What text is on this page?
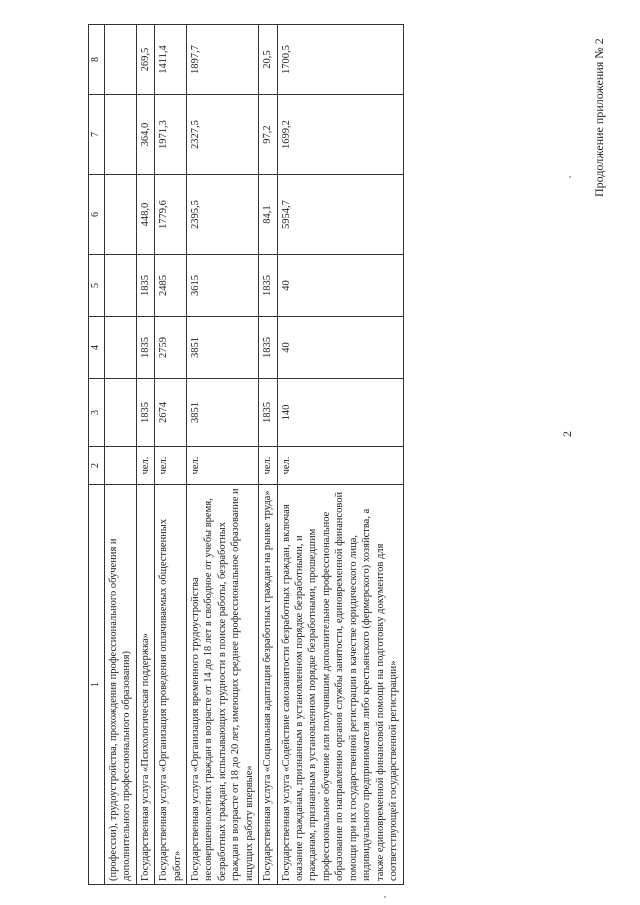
2
Продолжение приложения № 2
1	2	3	4	5	6	7	8
(профессии), трудоустройства, прохождения профессионального обучения и дополнительного профессионального образования)							
Государственная услуга «Психологическая поддержка»	чел.	1835	1835	1835	448,0	364,0	269,5
Государственная услуга «Организация проведения оплачиваемых общественных работ»	чел.	2674	2759	2485	1779,6	1971,3	1411,4
Государственная услуга «Организация временного трудоустройства несовершеннолетних граждан в возрасте от 14 до 18 лет в свободное от учебы время, безработных граждан, испытывающих трудности в поиске работы, безработных граждан в возрасте от 18 до 20 лет, имеющих среднее профессиональное образование и ищущих работу впервые»	чел.	3851	3851	3615	2395,5	2327,5	1897,7
Государственная услуга «Социальная адаптация безработных граждан на рынке труда»	чел.	1835	1835	1835	84,1	97,2	20,5
Государственная услуга «Содействие самозанятости безработных граждан, включая оказание гражданам, признанным в установленном порядке безработными, и гражданам, признанным в установленном порядке безработными, прошедшим профессиональное обучение или получившим дополнительное профессиональное образование по направлению органов службы занятости, единовременной финансовой помощи при их государственной регистрации в качестве юридического лица, индивидуального предпринимателя либо крестьянского (фермерского) хозяйства, а также единовременной финансовой помощи на подготовку документов для соответствующей государственной регистрации»	чел.	140	40	40	5954,7	1699,2	1700,5
